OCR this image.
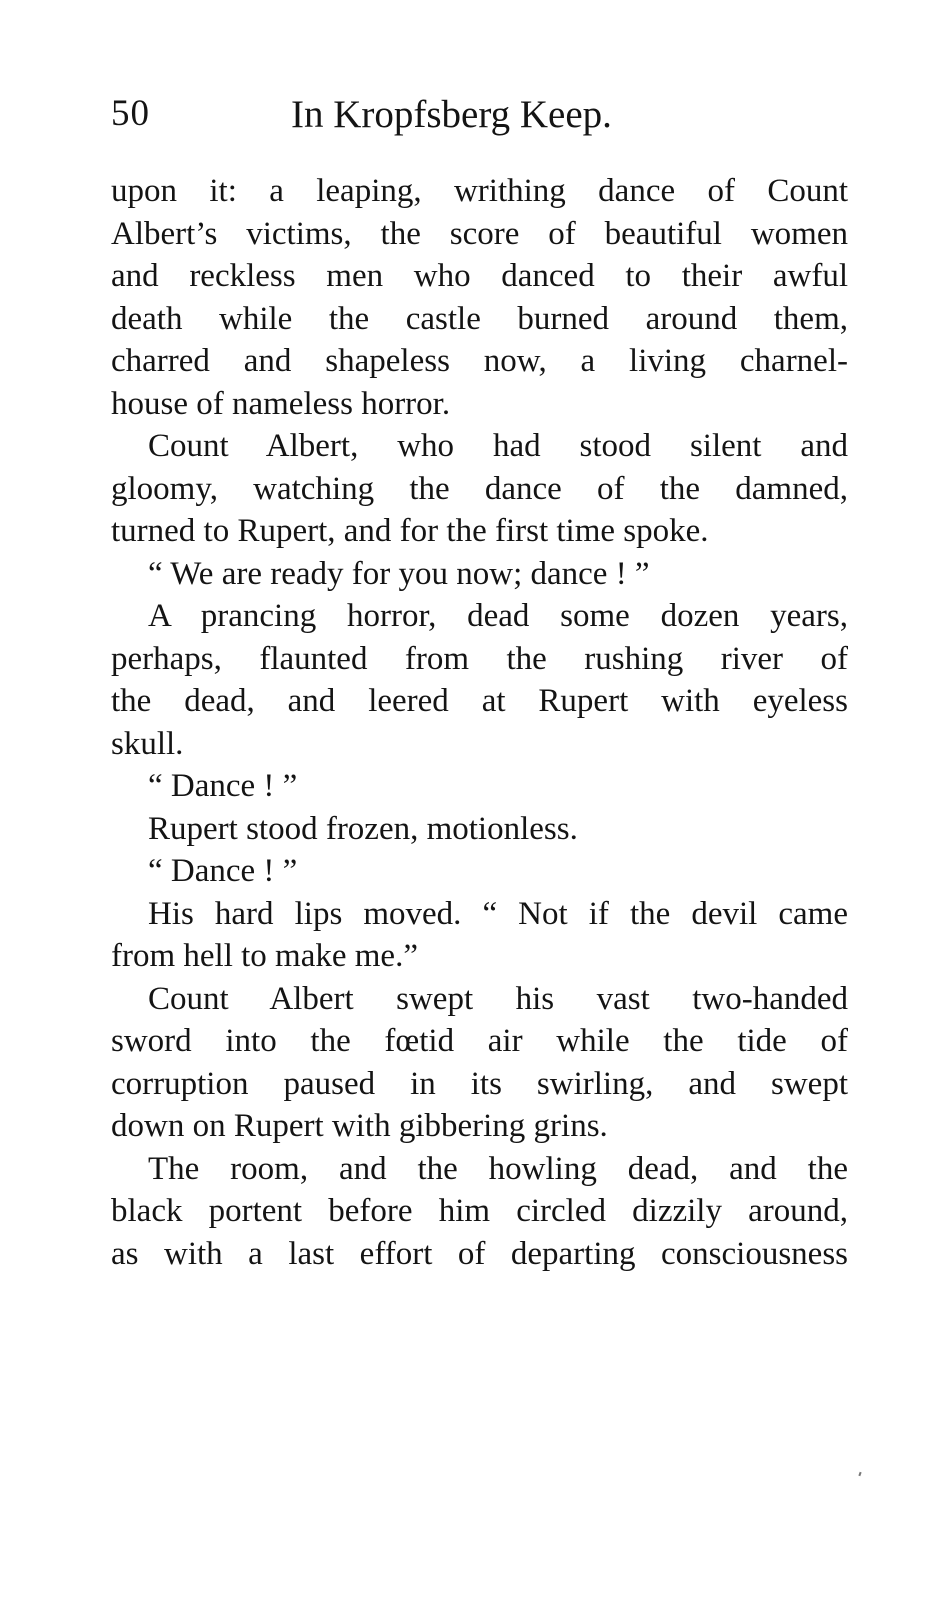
50	In Kropfsberg Keep.
upon it: a leaping, writhing dance of Count
Albert’s victims, the score of beautiful women
and reckless men who danced to their awful
death while the castle burned around them,
charred and shapeless now, a living charnel-
house of nameless horror.
Count Albert, who had stood silent and
gloomy, watching the dance of the damned,
turned to Rupert, and for the first time spoke.
“ We are ready for you now; dance ! ”
A prancing horror, dead some dozen years,
perhaps, flaunted from the rushing river of
the dead, and leered at Rupert with eyeless
skull.
“ Dance ! ”
Rupert stood frozen, motionless.
“ Dance ! ”
His hard lips moved. “ Not if the devil came
from hell to make me.”
Count Albert swept his vast two-handed
sword into the fœtid air while the tide of
corruption paused in its swirling, and swept
down on Rupert with gibbering grins.
The room, and the howling dead, and the
black portent before him circled dizzily around,
as with a last effort of departing consciousness
